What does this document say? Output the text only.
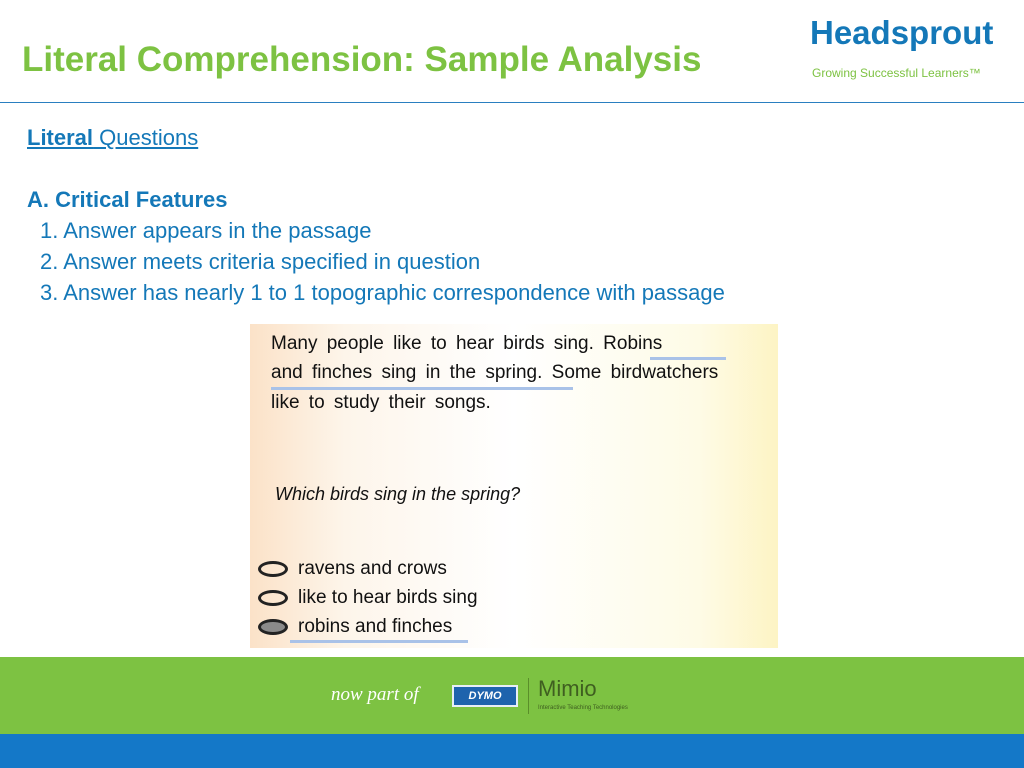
Literal Comprehension: Sample Analysis
Headsprout
Growing Successful Learners™
Literal Questions
A. Critical Features
1. Answer appears in the passage
2. Answer meets criteria specified in question
3. Answer has nearly 1 to 1 topographic correspondence with passage
Many people like to hear birds sing. Robins
and finches sing in the spring. Some birdwatchers
like to study their songs.
Which birds sing in the spring?
ravens and crows
like to hear birds sing
robins and finches
now part of	DYMO	Mimio
Interactive Teaching Technologies
